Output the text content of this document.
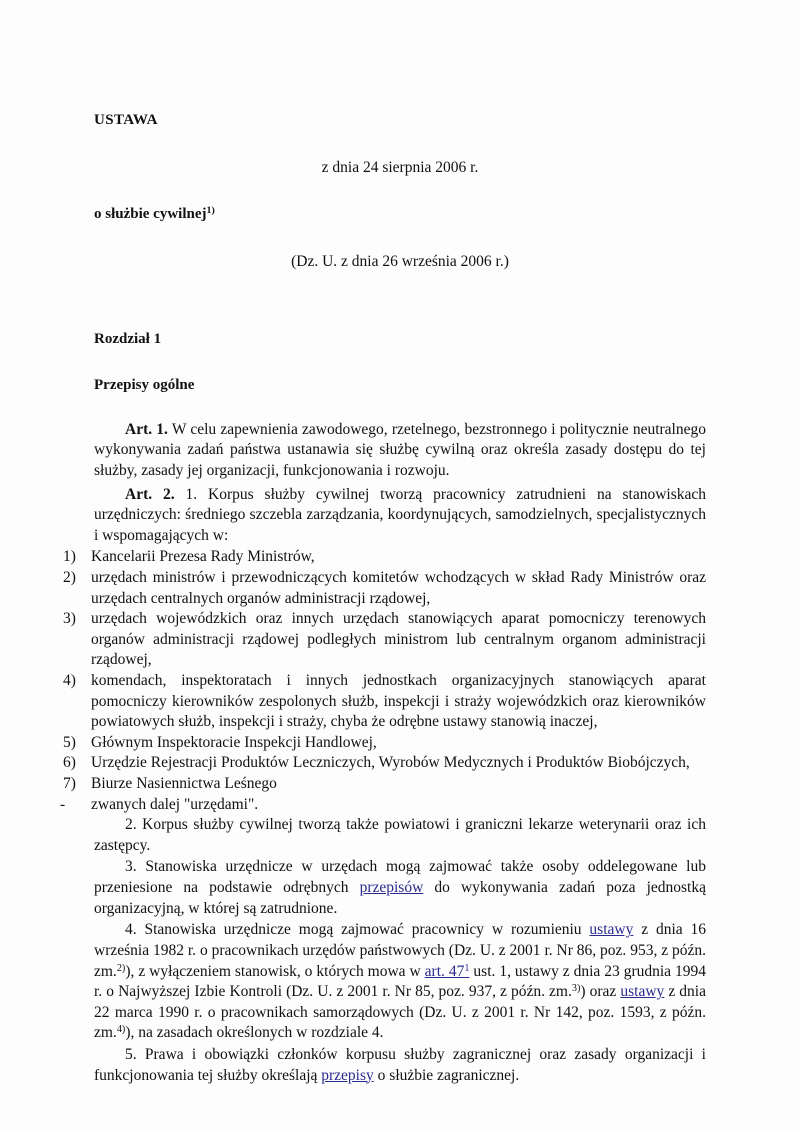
USTAWA

z dnia 24 sierpnia 2006 r.

o służbie cywilnej$^{1)}$

(Dz. U. z dnia 26 września 2006 r.)

Rozdział 1
Przepisy ogólne

Art. 1. W celu zapewnienia zawodowego, rzetelnego, bezstronnego i politycznie neutralnego wykonywania zadań państwa ustanawia się służbę cywilną oraz określa zasady dostępu do tej służby, zasady jej organizacji, funkcjonowania i rozwoju.

Art. 2. 1. Korpus służby cywilnej tworzą pracownicy zatrudnieni na stanowiskach urzędniczych: średniego szczebla zarządzania, koordynujących, samodzielnych, specjalistycznych i wspomagających w:

1) Kancelarii Prezesa Rady Ministrów,
2) urzędach ministrów i przewodniczących komitetów wchodzących w skład Rady Ministrów oraz urzędach centralnych organów administracji rządowej,
3) urzędach wojewódzkich oraz innych urzędach stanowiących aparat pomocniczy terenowych organów administracji rządowej podległych ministrom lub centralnym organom administracji rządowej,
4) komendach, inspektoratach i innych jednostkach organizacyjnych stanowiących aparat pomocniczy kierowników zespolonych służb, inspekcji i straży wojewódzkich oraz kierowników powiatowych służb, inspekcji i straży, chyba że odrębne ustawy stanowią inaczej,
5) Głównym Inspektoracie Inspekcji Handlowej,
6) Urzędzie Rejestracji Produktów Leczniczych, Wyrobów Medycznych i Produktów Biobójczych,
7) Biurze Nasiennictwa Leśnego
-	zwanych dalej "urzędami".

2. Korpus służby cywilnej tworzą także powiatowi i graniczni lekarze weterynarii oraz ich zastępcy.

3. Stanowiska urzędnicze w urzędach mogą zajmować także osoby oddelegowane lub przeniesione na podstawie odrębnych przepisów do wykonywania zadań poza jednostką organizacyjną, w której są zatrudnione.

4. Stanowiska urzędnicze mogą zajmować pracownicy w rozumieniu ustawy z dnia 16 września 1982 r. o pracownikach urzędów państwowych (Dz. U. z 2001 r. Nr 86, poz. 953, z późn. zm.$^{2)}$), z wyłączeniem stanowisk, o których mowa w art. $47^1$ ust. 1, ustawy z dnia 23 grudnia 1994 r. o Najwyższej Izbie Kontroli (Dz. U. z 2001 r. Nr 85, poz. 937, z późn. zm.$^{3)}$) oraz ustawy z dnia 22 marca 1990 r. o pracownikach samorządowych (Dz. U. z 2001 r. Nr 142, poz. 1593, z późn. zm.$^{4)}$), na zasadach określonych w rozdziale 4.

5. Prawa i obowiązki członków korpusu służby zagranicznej oraz zasady organizacji i funkcjonowania tej służby określają przepisy o służbie zagranicznej.
